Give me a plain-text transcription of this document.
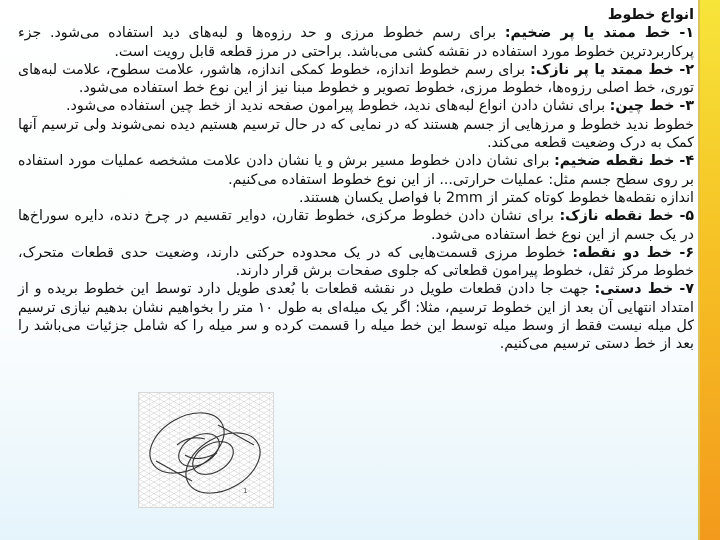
انواع خطوط

۱- خط ممتد یا پر ضخیم: برای رسم خطوط مرزی و حد رزوه‌ها و لبه‌های دید استفاده می‌شود. جزء پرکاربردترین خطوط مورد استفاده در نقشه کشی می‌باشد. براحتی در مرز قطعه قابل رویت است.

۲- خط ممتد یا پر نازک: برای رسم خطوط اندازه، خطوط کمکی اندازه، هاشور، علامت سطوح، علامت لبه‌های توری، خط اصلی رزوه‌ها، خطوط مرزی، خطوط تصویر و خطوط مبنا نیز از این نوع خط استفاده می‌شود.

۳- خط چین: برای نشان دادن انواع لبه‌های ندید، خطوط پیرامون صفحه ندید از خط چین استفاده می‌شود.

خطوط ندید خطوط و مرزهایی از جسم هستند که در نمایی که در حال ترسیم هستیم دیده نمی‌شوند ولی ترسیم آنها کمک به درک وضعیت قطعه می‌کند.

۴- خط نقطه ضخیم: برای نشان دادن خطوط مسیر برش و یا نشان دادن علامت مشخصه عملیات مورد استفاده بر روی سطح جسم مثل: عملیات حرارتی... از این نوع خطوط استفاده می‌کنیم.

اندازه نقطه‌ها خطوط کوتاه کمتر از 2mm با فواصل یکسان هستند.

۵- خط نقطه نازک: برای نشان دادن خطوط مرکزی، خطوط تقارن، دوایر تقسیم در چرخ دنده، دایره سوراخ‌ها در یک جسم از این نوع خط استفاده می‌شود.

۶- خط دو نقطه: خطوط مرزی قسمت‌هایی که در یک محدوده حرکتی دارند، وضعیت حدی قطعات متحرک، خطوط مرکز ثقل، خطوط پیرامون قطعاتی که جلوی صفحات برش قرار دارند.

۷- خط دستی: جهت جا دادن قطعات طویل در نقشه قطعات با بُعدی طویل دارد توسط این خطوط بریده و از امتداد انتهایی آن بعد از این خطوط ترسیم، مثلا: اگر یک میله‌ای به طول ۱۰ متر را بخواهیم نشان بدهیم نیازی ترسیم کل میله نیست فقط از وسط میله توسط این خط میله را قسمت کرده و سر میله را که شامل جزئیات می‌باشد را بعد از خط دستی ترسیم می‌کنیم.

1
